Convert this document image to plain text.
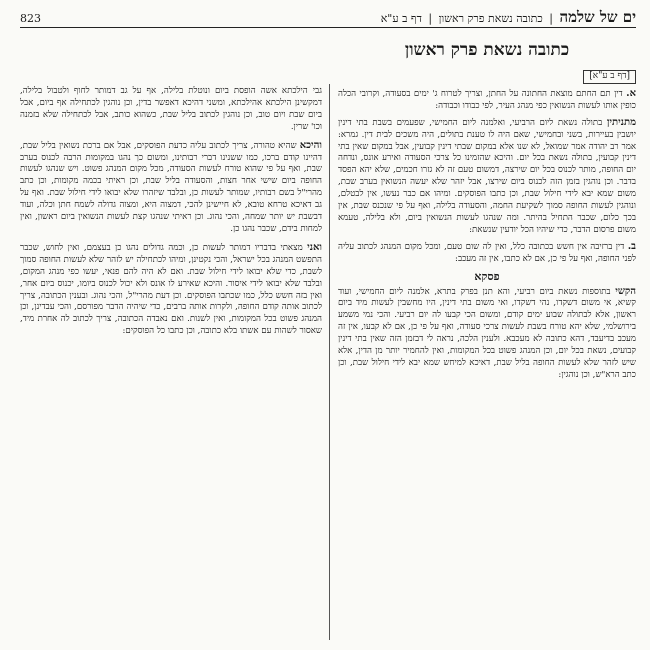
823	ים של שלמה | כתובה נשאת פרק ראשון | דף ב ע"א
כתובה נשאת פרק ראשון
[דף ב ע"א]

א. דין תם החתם מוצאת החתונה על החתן, וצריך לטרוח ג' ימים בסעודה, וקרובי הכלה כופין אותו לעשות הנשואין כפי מנהג העיר, לפי כבודו וכבודה:

מתניתין בתולה נשאת ליום הרביעי, ואלמנה ליום החמישי, שפעמים בשבת בתי דינין יושבין בעיירות, בשני ובחמישי, שאם היה לו טענת בתולים, היה משכים לבית דין. גמרא: אמר רב יהודה אמר שמואל, לא שנו אלא במקום שבתי דינין קבועין, אבל במקום שאין בתי דינין קבועין, בתולה נשאת בכל יום. והיכא שהזמינו כל צרכי הסעודה ואירע אונס, ונדחה יום החופה, מותר לכנוס בכל יום שירצה, דמשום טעם זה לא גזרו חכמים, שלא יהא הפסד בדבר. וכן נוהגין בזמן הזה לכנוס ביום שירצו, אבל יזהר שלא יעשה הנשואין בערב שבת, משום שמא יבא לידי חילול שבת, וכן כתבו הפוסקים. ומיהו אם כבר נעשו, אין לבטלם, ונוהגין לעשות החופה סמוך לשקיעת החמה, והסעודה בלילה, ואף על פי שנכנס שבת, אין בכך כלום, שכבר התחיל בהיתר. ומה שנהגו לעשות הנשואין ביום, ולא בלילה, טעמא משום פרסום הדבר, כדי שיהיו הכל יודעין שנשאת:

ב. דין ברזיבה אין חשש בכתובה כלל, ואין לה שום טעם, ומכל מקום המנהג לכתוב עליה לפני החופה, ואף על פי כן, אם לא כתבו, אין זה מעכב:

פסקא

הקשי בתוספות נשאת ביום רביעי, והא תנן בפרק בתרא, אלמנה ליום החמישי, ועוד קשיא, אי משום דשקדו, נהי דשקדו, ואי משום בתי דינין, היו מחשבין לעשות מיד ביום ראשון, אלא לבתולה שבוע ימים קודם, ומשום הכי קבעו לה יום רביעי. והכי נמי משמע בירושלמי, שלא יהא טורח בשבת לעשות צרכי סעודה, ואף על פי כן, אם לא קבעו, אין זה מעכב בדיעבד, דהא כתובה לא מעכבא. ולענין הלכה, נראה לי דבזמן הזה שאין בתי דינין קבועים, נשאת בכל יום, וכן המנהג פשוט בכל המקומות, ואין להחמיר יותר מן הדין, אלא שיש לזהר שלא לעשות החופה בליל שבת, דאיכא למיחש שמא יבא לידי חילול שבת, וכן כתב הרא"ש, וכן נוהגין:

גבי הילכתא אשה הופסת ביום ונוטלת בלילה, אף על גב דמותר לחוף ולטבול בלילה, דמקשינן הילכתא אהילכתא, ומשני דהיכא דאפשר בדין, וכן נוהגין לכתחילה אף ביום, אבל ביום שבת ויום טוב, וכן נוהגין לכתוב בליל שבת, כשהוא כותב, אבל לכתחילה שלא בזמנה וכו' שרין.

והיכא שהיא טהורה, צריך לכתוב עליה כדעת הפוסקים, אבל אם ברכת נשואין בליל שבת, דהיינו קודם ברכו, כמו ששנינו דברי רבותינו, ומשום כך נהגו במקומות הרבה לכנוס בערב שבת, ואף על פי שהוא טורח לעשות הסעודה, מכל מקום המנהג פשוט. ויש שנהגו לעשות החופה ביום שישי אחר חצות, והסעודה בליל שבת, וכן ראיתי בכמה מקומות, וכן כתב מהרי"ל בשם רבותיו, שמותר לעשות כן, ובלבד שיזהרו שלא יבואו לידי חילול שבת. ואף על גב דאיכא טרחא טובא, לא חיישינן להכי, דמצוה היא, ומצוה גדולה לשמח חתן וכלה, ועוד דבשבת יש יותר שמחה, והכי נהוג. וכן ראיתי שנהגו קצת לעשות הנשואין ביום ראשון, ואין למחות בידם, שכבר נהגו כן.

ואני מצאתי בדבריו דמותר לעשות כן, וכמה גדולים נהגו כן בעצמם, ואין לחוש, שכבר התפשט המנהג בכל ישראל, והכי נקטינן, ומיהו לכתחילה יש לזהר שלא לעשות החופה סמוך לשבת, כדי שלא יבואו לידי חילול שבת. ואם לא היה להם פנאי, יעשו כפי מנהג המקום, ובלבד שלא יבואו לידי איסור. והיכא שאירע לו אונס ולא יכול לכנוס ביומו, יכנוס ביום אחר, ואין בזה חשש כלל, כמו שכתבו הפוסקים. וכן דעת מהרי"ל, והכי נהוג. ובענין הכתובה, צריך לכתוב אותה קודם החופה, ולקרות אותה ברבים, כדי שיהיה הדבר מפורסם, והכי עבדינן, וכן המנהג פשוט בכל המקומות, ואין לשנות. ואם נאבדה הכתובה, צריך לכתוב לה אחרת מיד, שאסור לשהות עם אשתו בלא כתובה, וכן כתבו כל הפוסקים:
